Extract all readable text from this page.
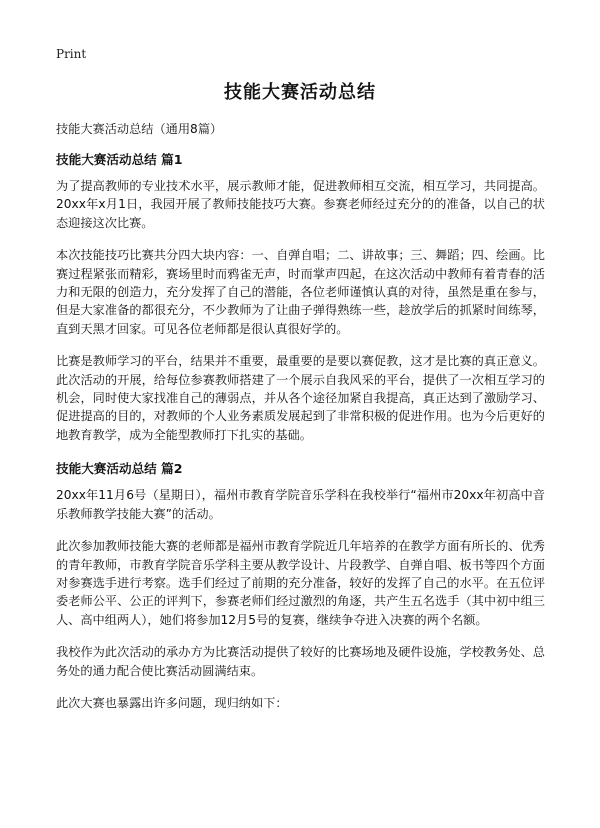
Print
技能大赛活动总结

技能大赛活动总结（通用8篇）

技能大赛活动总结 篇1

为了提高教师的专业技术水平，展示教师才能，促进教师相互交流，相互学习，共同提高。20xx年x月1日，我园开展了教师技能技巧大赛。参赛老师经过充分的的准备，以自己的状态迎接这次比赛。

本次技能技巧比赛共分四大块内容：一、自弹自唱；二、讲故事；三、舞蹈；四、绘画。比赛过程紧张而精彩，赛场里时而鸦雀无声，时而掌声四起，在这次活动中教师有着青春的活力和无限的创造力，充分发挥了自己的潜能，各位老师谨慎认真的对待，虽然是重在参与，但是大家准备的都很充分，不少教师为了让曲子弹得熟练一些，趁放学后的抓紧时间练琴，直到天黑才回家。可见各位老师都是很认真很好学的。

比赛是教师学习的平台，结果并不重要，最重要的是要以赛促教，这才是比赛的真正意义。此次活动的开展，给每位参赛教师搭建了一个展示自我风采的平台，提供了一次相互学习的机会，同时使大家找准自己的薄弱点，并从各个途径加紧自我提高，真正达到了激励学习、促进提高的目的，对教师的个人业务素质发展起到了非常积极的促进作用。也为今后更好的地教育教学，成为全能型教师打下扎实的基础。

技能大赛活动总结 篇2

20xx年11月6号（星期日），福州市教育学院音乐学科在我校举行“福州市20xx年初高中音乐教师教学技能大赛”的活动。

此次参加教师技能大赛的老师都是福州市教育学院近几年培养的在教学方面有所长的、优秀的青年教师，市教育学院音乐学科主要从教学设计、片段教学、自弹自唱、板书等四个方面对参赛选手进行考察。选手们经过了前期的充分准备，较好的发挥了自己的水平。在五位评委老师公平、公正的评判下，参赛老师们经过激烈的角逐，共产生五名选手（其中初中组三人、高中组两人），她们将参加12月5号的复赛，继续争夺进入决赛的两个名额。

我校作为此次活动的承办方为比赛活动提供了较好的比赛场地及硬件设施，学校教务处、总务处的通力配合使比赛活动圆满结束。

此次大赛也暴露出许多问题，现归纳如下：
